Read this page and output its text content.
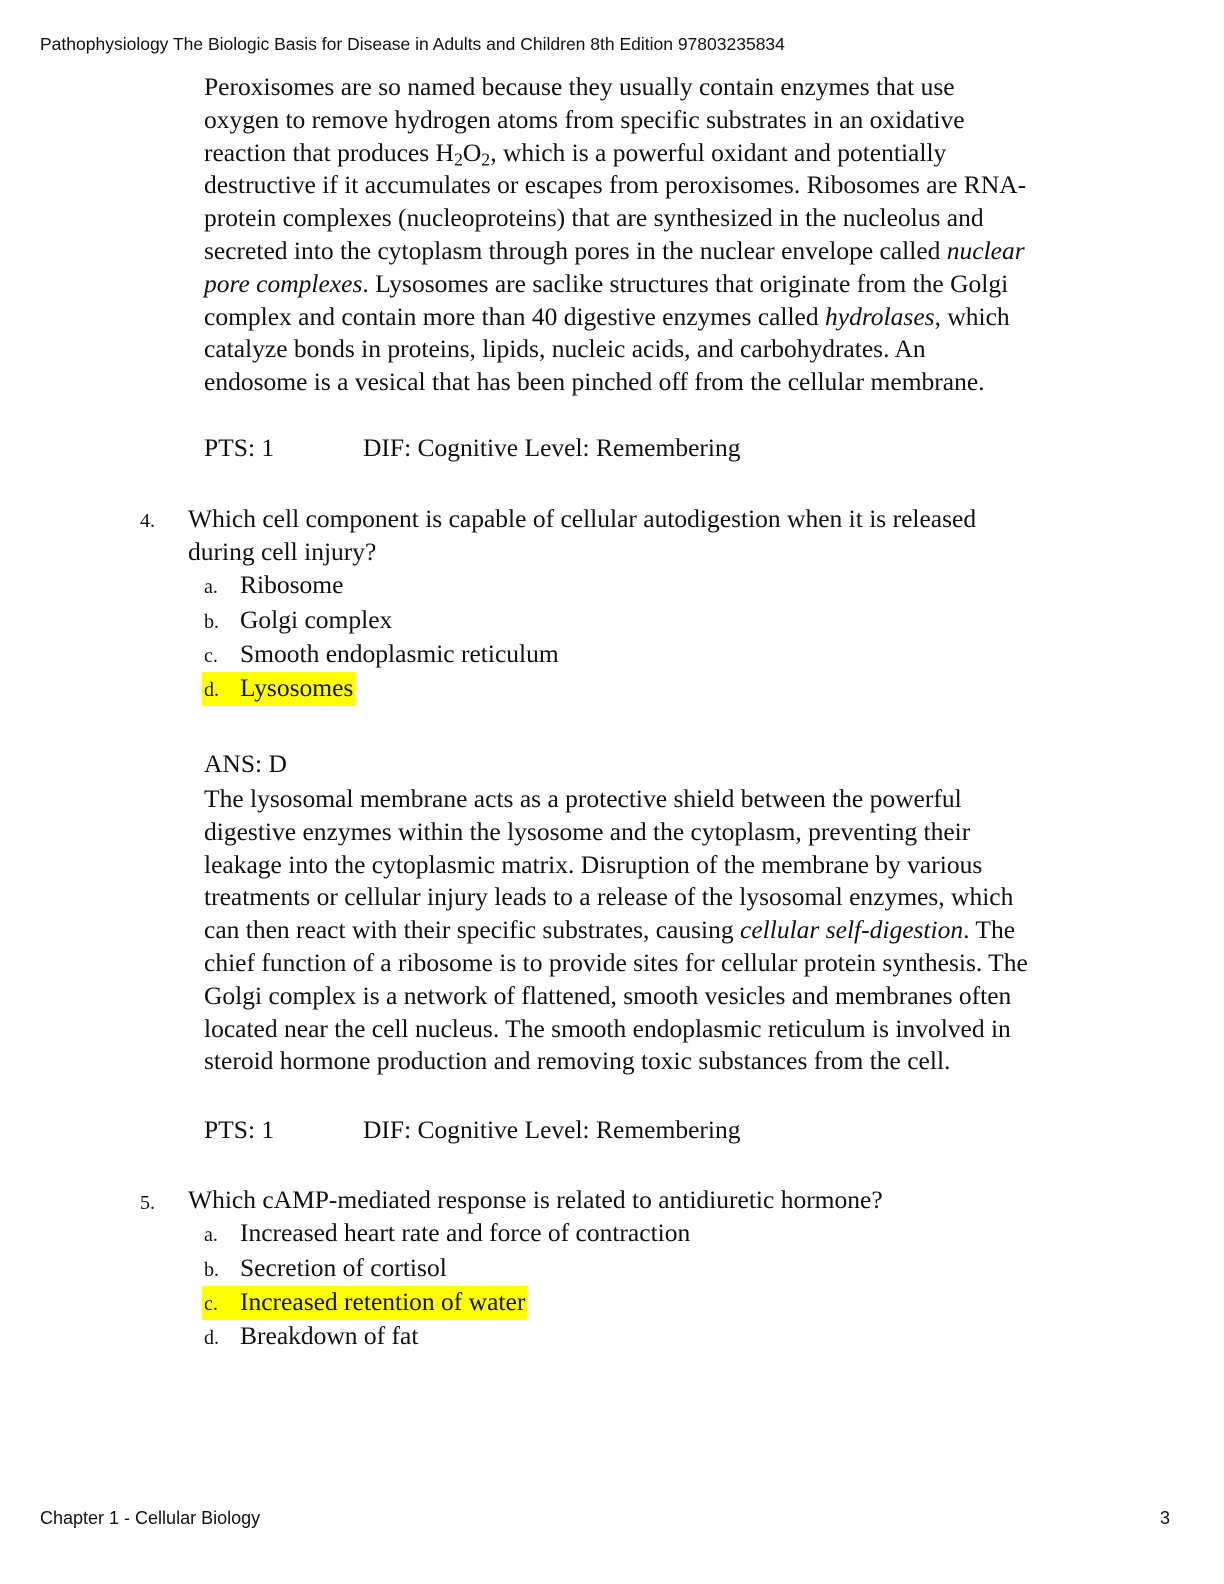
Pathophysiology The Biologic Basis for Disease in Adults and Children 8th Edition 97803235834
Peroxisomes are so named because they usually contain enzymes that use
oxygen to remove hydrogen atoms from specific substrates in an oxidative
reaction that produces $H_2O_2$, which is a powerful oxidant and potentially
destructive if it accumulates or escapes from peroxisomes. Ribosomes are RNA-
protein complexes (nucleoproteins) that are synthesized in the nucleolus and
secreted into the cytoplasm through pores in the nuclear envelope called nuclear
pore complexes. Lysosomes are saclike structures that originate from the Golgi
complex and contain more than 40 digestive enzymes called hydrolases, which
catalyze bonds in proteins, lipids, nucleic acids, and carbohydrates. An
endosome is a vesical that has been pinched off from the cellular membrane.
PTS: 1	DIF: Cognitive Level: Remembering
4. Which cell component is capable of cellular autodigestion when it is released
during cell injury?
a. Ribosome
b. Golgi complex
c. Smooth endoplasmic reticulum
d. Lysosomes
ANS: D
The lysosomal membrane acts as a protective shield between the powerful
digestive enzymes within the lysosome and the cytoplasm, preventing their
leakage into the cytoplasmic matrix. Disruption of the membrane by various
treatments or cellular injury leads to a release of the lysosomal enzymes, which
can then react with their specific substrates, causing cellular self-digestion. The
chief function of a ribosome is to provide sites for cellular protein synthesis. The
Golgi complex is a network of flattened, smooth vesicles and membranes often
located near the cell nucleus. The smooth endoplasmic reticulum is involved in
steroid hormone production and removing toxic substances from the cell.
PTS: 1	DIF: Cognitive Level: Remembering
5. Which cAMP-mediated response is related to antidiuretic hormone?
a. Increased heart rate and force of contraction
b. Secretion of cortisol
c. Increased retention of water
d. Breakdown of fat
Chapter 1 - Cellular Biology	3
